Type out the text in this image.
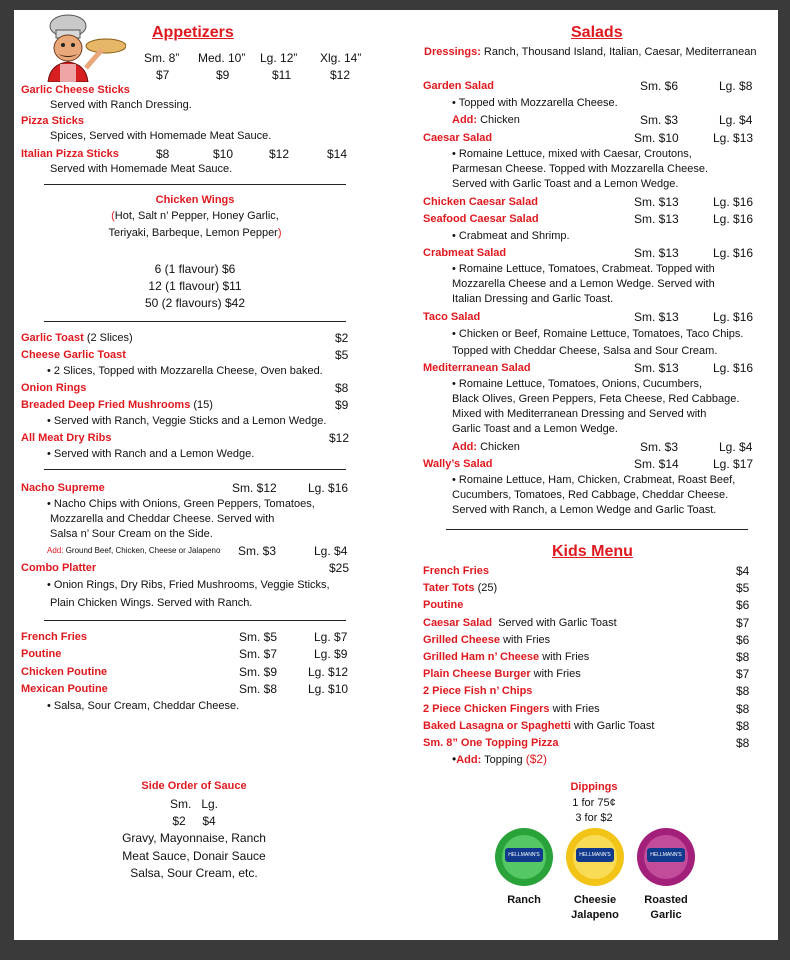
Appetizers
Sm. 8” Med. 10” Lg. 12” Xlg. 14”
$7	$9	$11	$12
Garlic Cheese Sticks
Served with Ranch Dressing.
Pizza Sticks
Spices, Served with Homemade Meat Sauce.
Italian Pizza Sticks	$8	$10	$12	$14
Served with Homemade Meat Sauce.
Chicken Wings
(Hot, Salt n’ Pepper, Honey Garlic,
Teriyaki, Barbeque, Lemon Pepper)
6 (1 flavour) $6
12 (1 flavour) $11
50 (2 flavours) $42
Garlic Toast (2 Slices)	$2
Cheese Garlic Toast	$5
• 2 Slices, Topped with Mozzarella Cheese, Oven baked.
Onion Rings	$8
Breaded Deep Fried Mushrooms (15)	$9
• Served with Ranch, Veggie Sticks and a Lemon Wedge.
All Meat Dry Ribs	$12
• Served with Ranch and a Lemon Wedge.
Nacho Supreme	Sm. $12	Lg. $16
• Nacho Chips with Onions, Green Peppers, Tomatoes,
Mozzarella and Cheddar Cheese. Served with
Salsa n’ Sour Cream on the Side.
Add: Ground Beef, Chicken, Cheese or Jalapeno Sm. $3	Lg. $4
Combo Platter	$25
• Onion Rings, Dry Ribs, Fried Mushrooms, Veggie Sticks,
Plain Chicken Wings. Served with Ranch.
French Fries	Sm. $5	Lg. $7
Poutine	Sm. $7	Lg. $9
Chicken Poutine	Sm. $9	Lg. $12
Mexican Poutine	Sm. $8	Lg. $10
• Salsa, Sour Cream, Cheddar Cheese.
Side Order of Sauce
Sm.   Lg.
$2     $4
Gravy, Mayonnaise, Ranch
Meat Sauce, Donair Sauce
Salsa, Sour Cream, etc.
Salads
Dressings: Ranch, Thousand Island, Italian, Caesar, Mediterranean
Garden Salad	Sm. $6	Lg. $8
• Topped with Mozzarella Cheese.
Add: Chicken	Sm. $3	Lg. $4
Caesar Salad	Sm. $10	Lg. $13
• Romaine Lettuce, mixed with Caesar, Croutons,
Parmesan Cheese. Topped with Mozzarella Cheese.
Served with Garlic Toast and a Lemon Wedge.
Chicken Caesar Salad	Sm. $13	Lg. $16
Seafood Caesar Salad	Sm. $13	Lg. $16
• Crabmeat and Shrimp.
Crabmeat Salad	Sm. $13	Lg. $16
• Romaine Lettuce, Tomatoes, Crabmeat. Topped with
Mozzarella Cheese and a Lemon Wedge. Served with
Italian Dressing and Garlic Toast.
Taco Salad	Sm. $13	Lg. $16
• Chicken or Beef, Romaine Lettuce, Tomatoes, Taco Chips.
Topped with Cheddar Cheese, Salsa and Sour Cream.
Mediterranean Salad	Sm. $13	Lg. $16
• Romaine Lettuce, Tomatoes, Onions, Cucumbers,
Black Olives, Green Peppers, Feta Cheese, Red Cabbage.
Mixed with Mediterranean Dressing and Served with
Garlic Toast and a Lemon Wedge.
Add: Chicken	Sm. $3	Lg. $4
Wally’s Salad	Sm. $14	Lg. $17
• Romaine Lettuce, Ham, Chicken, Crabmeat, Roast Beef,
Cucumbers, Tomatoes, Red Cabbage, Cheddar Cheese.
Served with Ranch, a Lemon Wedge and Garlic Toast.
Kids Menu
French Fries	$4
Tater Tots (25)	$5
Poutine	$6
Caesar Salad  Served with Garlic Toast	$7
Grilled Cheese with Fries	$6
Grilled Ham n’ Cheese with Fries	$8
Plain Cheese Burger with Fries	$7
2 Piece Fish n’ Chips	$8
2 Piece Chicken Fingers with Fries	$8
Baked Lasagna or Spaghetti with Garlic Toast	$8
Sm. 8” One Topping Pizza	$8
•Add: Topping ($2)
Dippings
1 for 75¢
3 for $2
HELLMANN'S	HELLMANN'S	HELLMANN'S
Ranch	Cheesie
Jalapeno
Roasted
Garlic
